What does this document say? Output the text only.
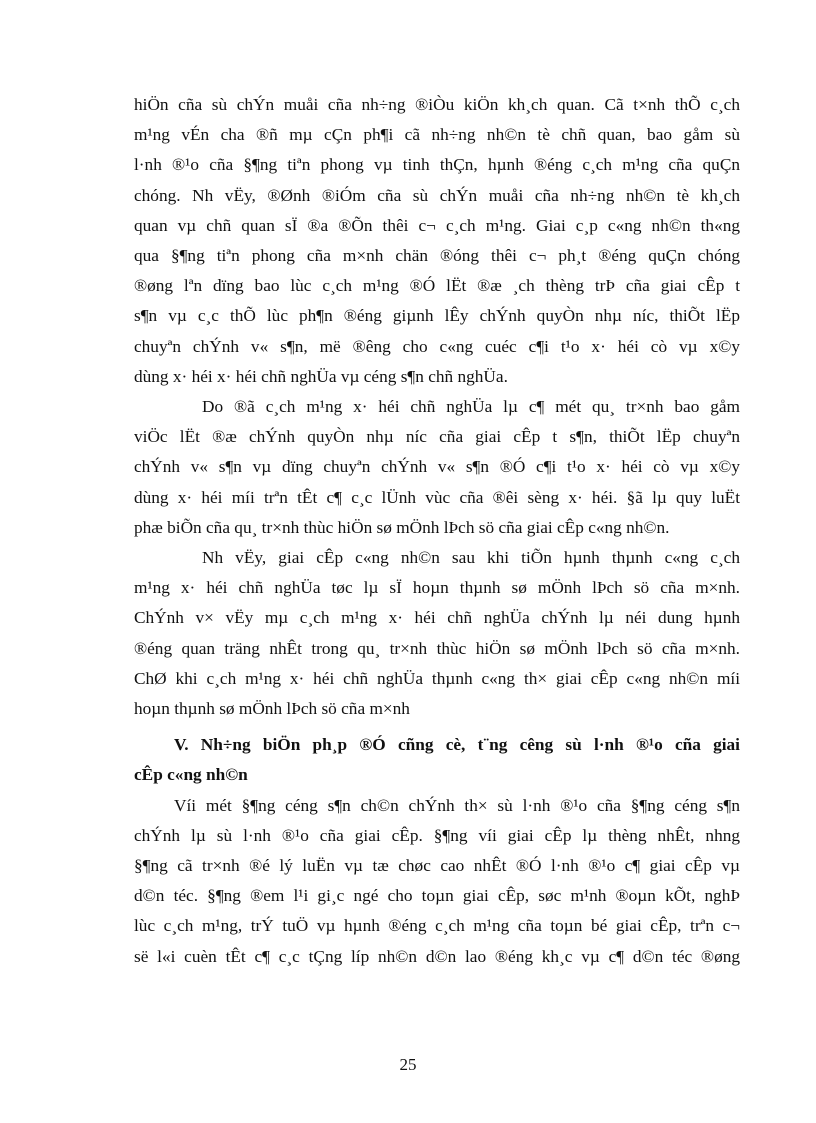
hiÖn cña sù chÝn muåi cña nh÷ng ®iÒu kiÖn kh¸ch quan. Cã t×nh thÕ c¸ch
m¹ng vÉn cha ®ñ mµ cÇn ph¶i cã nh÷ng nh©n tè chñ quan, bao gåm sù
l·nh ®¹o cña §¶ng tiªn phong vµ tinh thÇn, hµnh ®éng c¸ch m¹ng cña quÇn
chóng. Nh vËy, ®Ønh ®iÓm cña sù chÝn muåi cña nh÷ng nh©n tè kh¸ch
quan vµ chñ quan sÏ ®a ®Õn thêi c¬ c¸ch m¹ng. Giai c¸p c«ng nh©n th«ng
qua §¶ng tiªn phong cña m×nh chän ®óng thêi c¬ ph¸t ®éng quÇn chóng
®øng lªn dïng bao lùc c¸ch m¹ng ®Ó lËt ®æ ¸ch thèng trÞ cña giai cÊp t
s¶n vµ c¸c thÕ lùc ph¶n ®éng giµnh lÊy chÝnh quyÒn nhµ níc, thiÕt lËp
chuyªn chÝnh v« s¶n, më ®êng cho c«ng cuéc c¶i t¹o x· héi cò vµ x©y
dùng x· héi x· héi chñ nghÜa vµ céng s¶n chñ nghÜa.

Do ®ã c¸ch m¹ng x· héi chñ nghÜa lµ c¶ mét qu¸ tr×nh bao gåm
viÖc lËt ®æ chÝnh quyÒn nhµ níc cña giai cÊp t s¶n, thiÕt lËp chuyªn
chÝnh v« s¶n vµ dïng chuyªn chÝnh v« s¶n ®Ó c¶i t¹o x· héi cò vµ x©y
dùng x· héi míi trªn tÊt c¶ c¸c lÜnh vùc cña ®êi sèng x· héi. §ã lµ quy luËt
phæ biÕn cña qu¸ tr×nh thùc hiÖn sø mÖnh lÞch sö cña giai cÊp c«ng nh©n.

Nh vËy, giai cÊp c«ng nh©n sau khi tiÕn hµnh thµnh c«ng c¸ch
m¹ng x· héi chñ nghÜa tøc lµ sÏ hoµn thµnh sø mÖnh lÞch sö cña m×nh.
ChÝnh v× vËy mµ c¸ch m¹ng x· héi chñ nghÜa chÝnh lµ néi dung hµnh
®éng quan träng nhÊt trong qu¸ tr×nh thùc hiÖn sø mÖnh lÞch sö cña m×nh.
ChØ khi c¸ch m¹ng x· héi chñ nghÜa thµnh c«ng th× giai cÊp c«ng nh©n míi
hoµn thµnh sø mÖnh lÞch sö cña m×nh

V. Nh÷ng biÖn ph¸p ®Ó cñng cè, t¨ng cêng sù l·nh ®¹o cña giai
cÊp c«ng nh©n

Víi mét §¶ng céng s¶n ch©n chÝnh th× sù l·nh ®¹o cña §¶ng céng s¶n
chÝnh lµ sù l·nh ®¹o cña giai cÊp. §¶ng víi giai cÊp lµ thèng nhÊt, nhng
§¶ng cã tr×nh ®é lý luËn vµ tæ chøc cao nhÊt ®Ó l·nh ®¹o c¶ giai cÊp vµ
d©n téc. §¶ng ®em l¹i gi¸c ngé cho toµn giai cÊp, søc m¹nh ®oµn kÕt, nghÞ
lùc c¸ch m¹ng, trÝ tuÖ vµ hµnh ®éng c¸ch m¹ng cña toµn bé giai cÊp, trªn c¬
së l«i cuèn tÊt c¶ c¸c tÇng líp nh©n d©n lao ®éng kh¸c vµ c¶ d©n téc ®øng

25
